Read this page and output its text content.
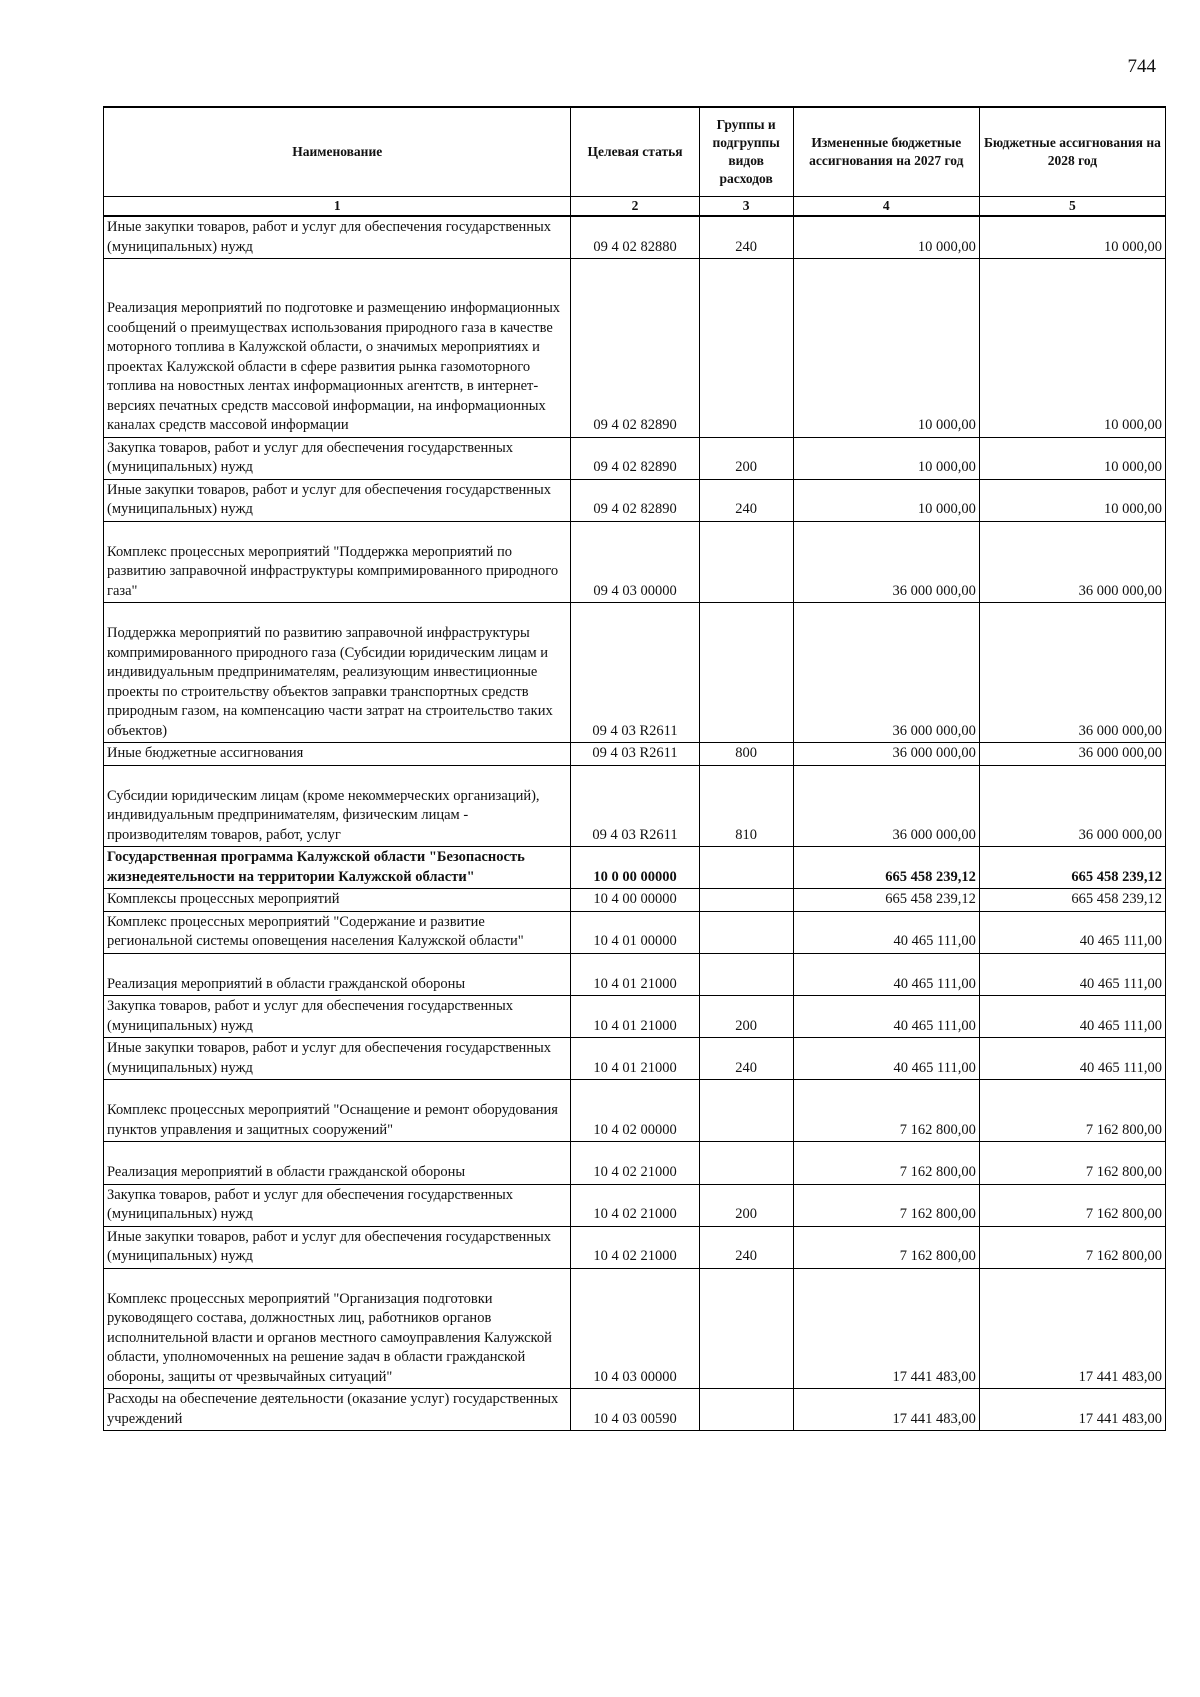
744
Наименование	Целевая статья	Группы и подгруппы видов расходов	Измененные бюджетные ассигнования на 2027 год	Бюджетные ассигнования на 2028 год
1	2	3	4	5
Иные закупки товаров, работ и услуг для обеспечения государственных (муниципальных) нужд	09 4 02 82880	240	10 000,00	10 000,00
Реализация мероприятий по подготовке и размещению информационных сообщений о преимуществах использования природного газа в качестве моторного топлива в Калужской области, о значимых мероприятиях и проектах Калужской области в сфере развития рынка газомоторного топлива на новостных лентах информационных агентств, в интернет-версиях печатных средств массовой информации, на информационных каналах средств массовой информации	09 4 02 82890		10 000,00	10 000,00
Закупка товаров, работ и услуг для обеспечения государственных (муниципальных) нужд	09 4 02 82890	200	10 000,00	10 000,00
Иные закупки товаров, работ и услуг для обеспечения государственных (муниципальных) нужд	09 4 02 82890	240	10 000,00	10 000,00
Комплекс процессных мероприятий "Поддержка мероприятий по развитию заправочной инфраструктуры компримированного природного газа"	09 4 03 00000		36 000 000,00	36 000 000,00
Поддержка мероприятий по развитию заправочной инфраструктуры компримированного природного газа (Субсидии юридическим лицам и индивидуальным предпринимателям, реализующим инвестиционные проекты по строительству объектов заправки транспортных средств природным газом, на компенсацию части затрат на строительство таких объектов)	09 4 03 R2611		36 000 000,00	36 000 000,00
Иные бюджетные ассигнования	09 4 03 R2611	800	36 000 000,00	36 000 000,00
Субсидии юридическим лицам (кроме некоммерческих организаций), индивидуальным предпринимателям, физическим лицам - производителям товаров, работ, услуг	09 4 03 R2611	810	36 000 000,00	36 000 000,00
Государственная программа Калужской области "Безопасность жизнедеятельности на территории Калужской области"	10 0 00 00000		665 458 239,12	665 458 239,12
Комплексы процессных мероприятий	10 4 00 00000		665 458 239,12	665 458 239,12
Комплекс процессных мероприятий "Содержание и развитие региональной системы оповещения населения Калужской области"	10 4 01 00000		40 465 111,00	40 465 111,00
Реализация мероприятий в области гражданской обороны	10 4 01 21000		40 465 111,00	40 465 111,00
Закупка товаров, работ и услуг для обеспечения государственных (муниципальных) нужд	10 4 01 21000	200	40 465 111,00	40 465 111,00
Иные закупки товаров, работ и услуг для обеспечения государственных (муниципальных) нужд	10 4 01 21000	240	40 465 111,00	40 465 111,00
Комплекс процессных мероприятий "Оснащение и ремонт оборудования пунктов управления и защитных сооружений"	10 4 02 00000		7 162 800,00	7 162 800,00
Реализация мероприятий в области гражданской обороны	10 4 02 21000		7 162 800,00	7 162 800,00
Закупка товаров, работ и услуг для обеспечения государственных (муниципальных) нужд	10 4 02 21000	200	7 162 800,00	7 162 800,00
Иные закупки товаров, работ и услуг для обеспечения государственных (муниципальных) нужд	10 4 02 21000	240	7 162 800,00	7 162 800,00
Комплекс процессных мероприятий "Организация подготовки руководящего состава, должностных лиц, работников органов исполнительной власти и органов местного самоуправления Калужской области, уполномоченных на решение задач в области гражданской обороны, защиты от чрезвычайных ситуаций"	10 4 03 00000		17 441 483,00	17 441 483,00
Расходы на обеспечение деятельности (оказание услуг) государственных учреждений	10 4 03 00590		17 441 483,00	17 441 483,00
